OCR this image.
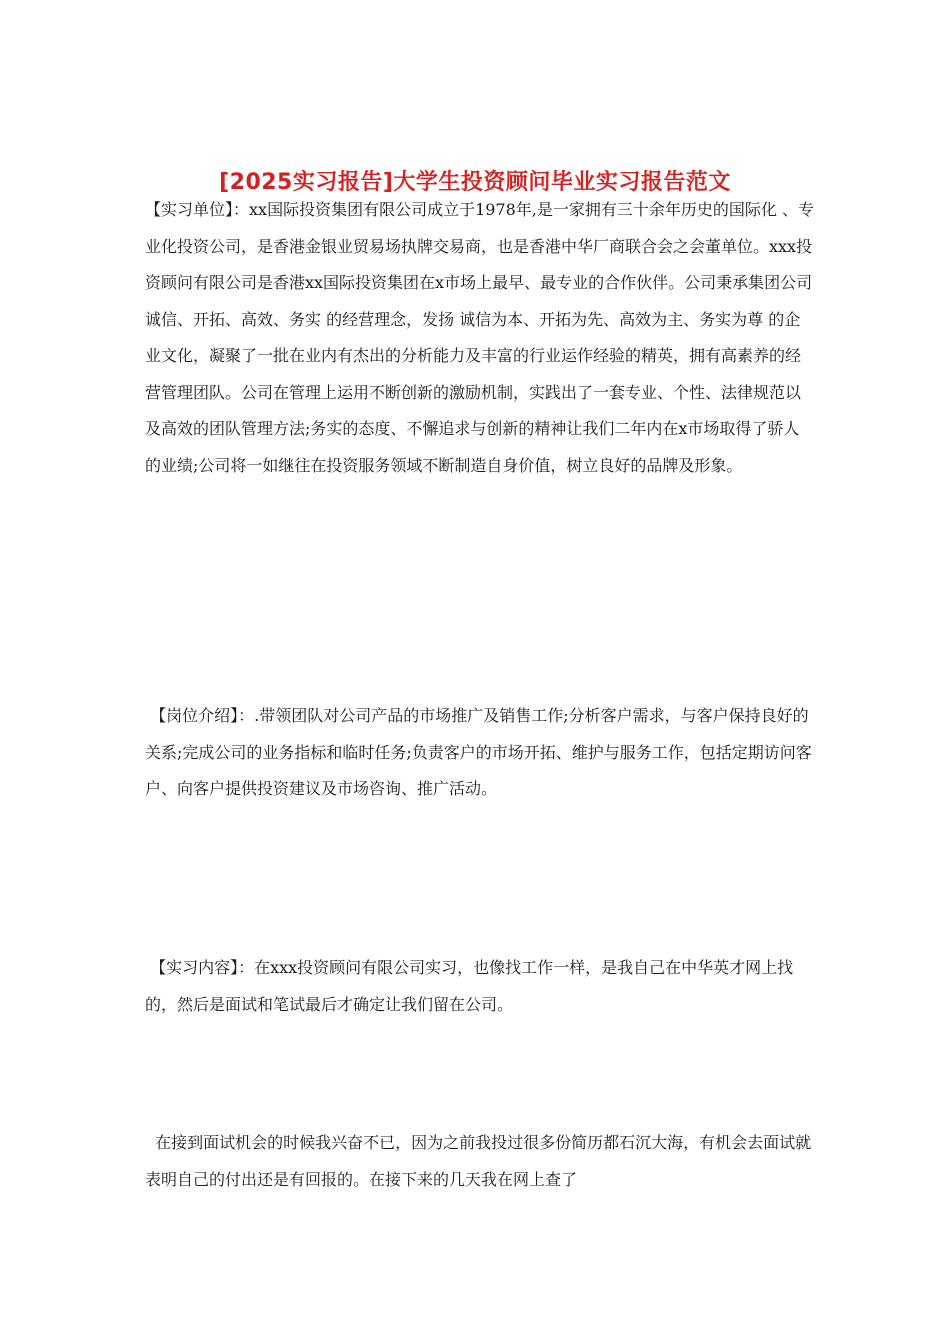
[2025实习报告]大学生投资顾问毕业实习报告范文

【实习单位】：xx国际投资集团有限公司成立于1978年,是一家拥有三十余年历史的国际化 、专业化投资公司，是香港金银业贸易场执牌交易商，也是香港中华厂商联合会之会董单位。xxx投资顾问有限公司是香港xx国际投资集团在x市场上最早、最专业的合作伙伴。公司秉承集团公司 诚信、开拓、高效、务实 的经营理念，发扬 诚信为本、开拓为先、高效为主、务实为尊 的企业文化，凝聚了一批在业内有杰出的分析能力及丰富的行业运作经验的精英，拥有高素养的经营管理团队。公司在管理上运用不断创新的激励机制，实践出了一套专业、个性、法律规范以及高效的团队管理方法;务实的态度、不懈追求与创新的精神让我们二年内在x市场取得了骄人的业绩;公司将一如继往在投资服务领域不断制造自身价值，树立良好的品牌及形象。

【岗位介绍】：.带领团队对公司产品的市场推广及销售工作;分析客户需求，与客户保持良好的关系;完成公司的业务指标和临时任务;负责客户的市场开拓、维护与服务工作，包括定期访问客户、向客户提供投资建议及市场咨询、推广活动。

【实习内容】：在xxx投资顾问有限公司实习，也像找工作一样，是我自己在中华英才网上找的，然后是面试和笔试最后才确定让我们留在公司。

在接到面试机会的时候我兴奋不已，因为之前我投过很多份简历都石沉大海，有机会去面试就表明自己的付出还是有回报的。在接下来的几天我在网上查了
